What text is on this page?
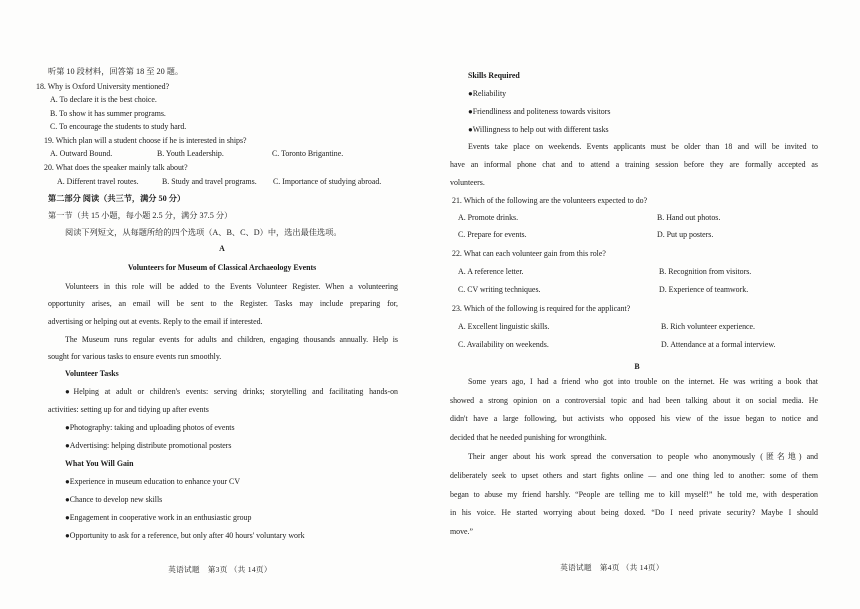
听第 10 段材料，回答第 18 至 20 题。
18. Why is Oxford University mentioned?
A. To declare it is the best choice.
B. To show it has summer programs.
C. To encourage the students to study hard.
19. Which plan will a student choose if he is interested in ships?
A. Outward Bound.	B. Youth Leadership.	C. Toronto Brigantine.
20. What does the speaker mainly talk about?
A. Different travel routes.	B. Study and travel programs. C. Importance of studying abroad.
第二部分 阅读（共三节，满分 50 分）
第一节（共 15 小题，每小题 2.5 分，满分 37.5 分）
阅读下列短文，从每题所给的四个选项（A、B、C、D）中，选出最佳选项。
A
Volunteers for Museum of Classical Archaeology Events
Volunteers in this role will be added to the Events Volunteer Register. When a volunteering
opportunity arises, an email will be sent to the Register. Tasks may include preparing for,
advertising or helping out at events. Reply to the email if interested.
The Museum runs regular events for adults and children, engaging thousands annually. Help is
sought for various tasks to ensure events run smoothly.
Volunteer Tasks
●Helping at adult or children's events: serving drinks; storytelling and facilitating hands-on
activities: setting up for and tidying up after events
●Photography: taking and uploading photos of events
●Advertising: helping distribute promotional posters
What You Will Gain
●Experience in museum education to enhance your CV
●Chance to develop new skills
●Engagement in cooperative work in an enthusiastic group
●Opportunity to ask for a reference, but only after 40 hours' voluntary work
英语试题　第3页 （共 14页）
Skills Required
●Reliability
●Friendliness and politeness towards visitors
●Willingness to help out with different tasks
Events take place on weekends. Events applicants must be older than 18 and will be invited to
have an informal phone chat and to attend a training session before they are formally accepted as
volunteers.
21. Which of the following are the volunteers expected to do?
A. Promote drinks.	B. Hand out photos.
C. Prepare for events.	D. Put up posters.
22. What can each volunteer gain from this role?
A. A reference letter.	B. Recognition from visitors.
C. CV writing techniques.	D. Experience of teamwork.
23. Which of the following is required for the applicant?
A. Excellent linguistic skills.	B. Rich volunteer experience.
C. Availability on weekends.	D. Attendance at a formal interview.
B
Some years ago, I had a friend who got into trouble on the internet. He was writing a book that
showed a strong opinion on a controversial topic and had been talking about it on social media. He
didn't have a large following, but activists who opposed his view of the issue began to notice and
decided that he needed punishing for wrongthink.
Their anger about his work spread the conversation to people who anonymously (匿名地) and
deliberately seek to upset others and start fights online — and one thing led to another: some of them
began to abuse my friend harshly. “People are telling me to kill myself!” he told me, with desperation
in his voice. He started worrying about being doxed. “Do I need private security? Maybe I should
move.”
英语试题　第4页 （共 14页）
